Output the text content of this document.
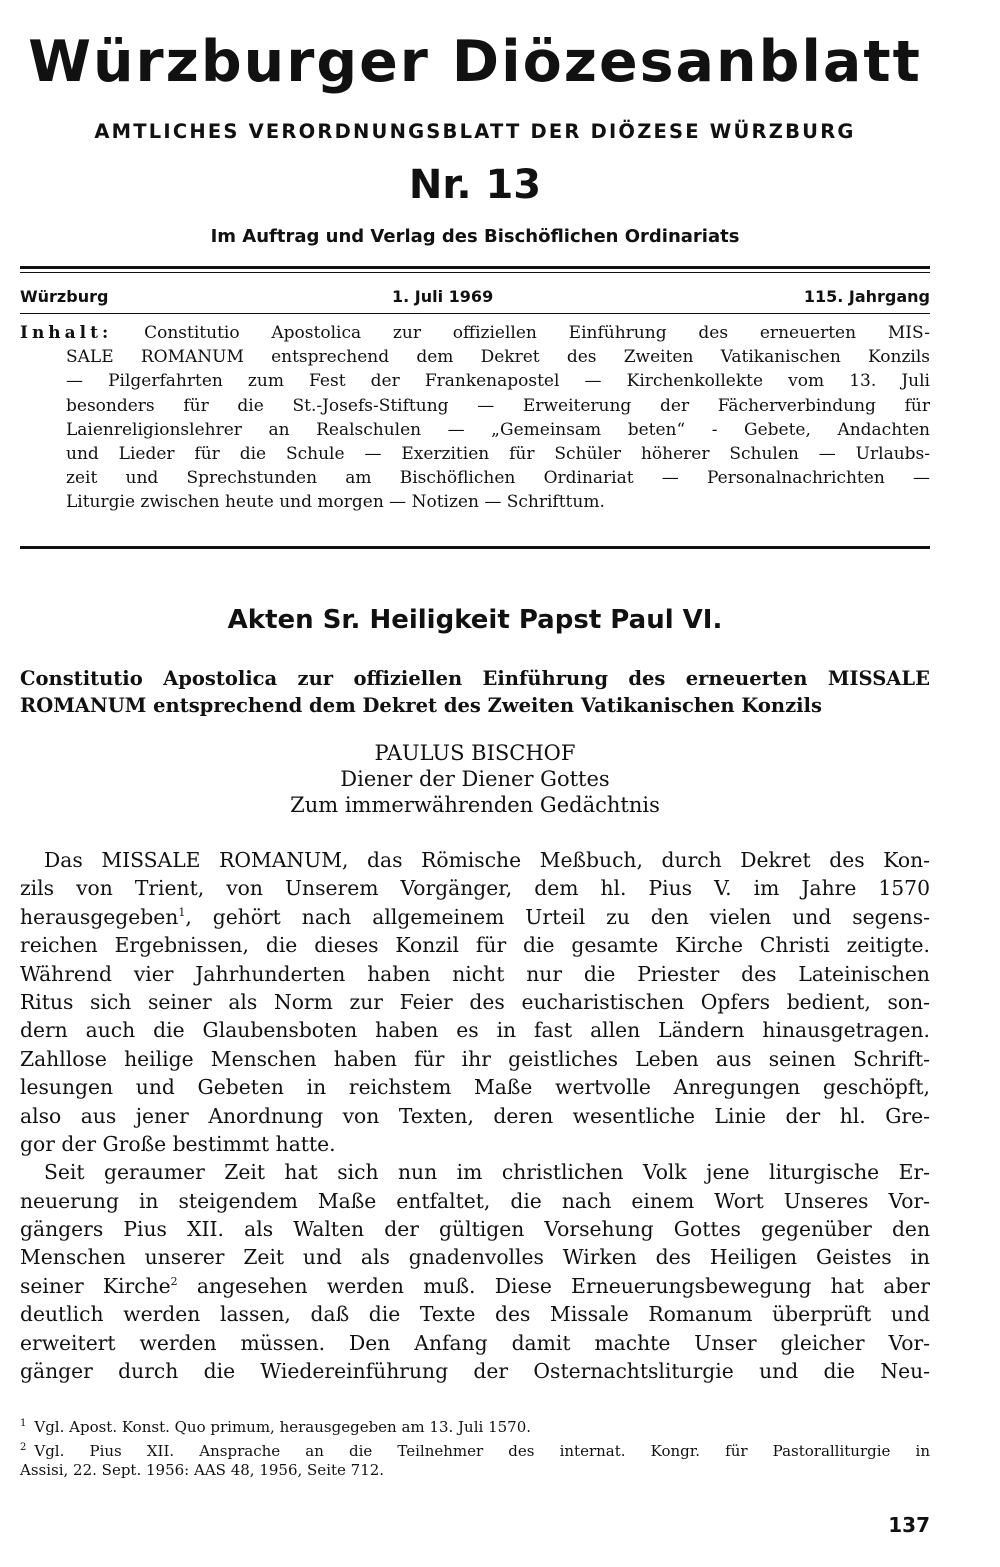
Würzburger Diözesanblatt
AMTLICHES VERORDNUNGSBLATT DER DIÖZESE WÜRZBURG
Nr. 13
Im Auftrag und Verlag des Bischöflichen Ordinariats
Würzburg	1. Juli 1969	115. Jahrgang
Inhalt: Constitutio Apostolica zur offiziellen Einführung des erneuerten MIS-
SALE ROMANUM entsprechend dem Dekret des Zweiten Vatikanischen Konzils
— Pilgerfahrten zum Fest der Frankenapostel — Kirchenkollekte vom 13. Juli
besonders für die St.-Josefs-Stiftung — Erweiterung der Fächerverbindung für
Laienreligionslehrer an Realschulen — „Gemeinsam beten“ - Gebete, Andachten
und Lieder für die Schule — Exerzitien für Schüler höherer Schulen — Urlaubs-
zeit und Sprechstunden am Bischöflichen Ordinariat — Personalnachrichten —
Liturgie zwischen heute und morgen — Notizen — Schrifttum.
Akten Sr. Heiligkeit Papst Paul VI.
Constitutio Apostolica zur offiziellen Einführung des erneuerten MISSALE
ROMANUM entsprechend dem Dekret des Zweiten Vatikanischen Konzils
PAULUS BISCHOF
Diener der Diener Gottes
Zum immerwährenden Gedächtnis
Das MISSALE ROMANUM, das Römische Meßbuch, durch Dekret des Kon-
zils von Trient, von Unserem Vorgänger, dem hl. Pius V. im Jahre 1570
herausgegeben$^1$, gehört nach allgemeinem Urteil zu den vielen und segens-
reichen Ergebnissen, die dieses Konzil für die gesamte Kirche Christi zeitigte.
Während vier Jahrhunderten haben nicht nur die Priester des Lateinischen
Ritus sich seiner als Norm zur Feier des eucharistischen Opfers bedient, son-
dern auch die Glaubensboten haben es in fast allen Ländern hinausgetragen.
Zahllose heilige Menschen haben für ihr geistliches Leben aus seinen Schrift-
lesungen und Gebeten in reichstem Maße wertvolle Anregungen geschöpft,
also aus jener Anordnung von Texten, deren wesentliche Linie der hl. Gre-
gor der Große bestimmt hatte.
Seit geraumer Zeit hat sich nun im christlichen Volk jene liturgische Er-
neuerung in steigendem Maße entfaltet, die nach einem Wort Unseres Vor-
gängers Pius XII. als Walten der gültigen Vorsehung Gottes gegenüber den
Menschen unserer Zeit und als gnadenvolles Wirken des Heiligen Geistes in
seiner Kirche$^2$ angesehen werden muß. Diese Erneuerungsbewegung hat aber
deutlich werden lassen, daß die Texte des Missale Romanum überprüft und
erweitert werden müssen. Den Anfang damit machte Unser gleicher Vor-
gänger durch die Wiedereinführung der Osternachtsliturgie und die Neu-
$^1$ Vgl. Apost. Konst. Quo primum, herausgegeben am 13. Juli 1570.
$^2$ Vgl. Pius XII. Ansprache an die Teilnehmer des internat. Kongr. für Pastoralliturgie in
Assisi, 22. Sept. 1956: AAS 48, 1956, Seite 712.
137
